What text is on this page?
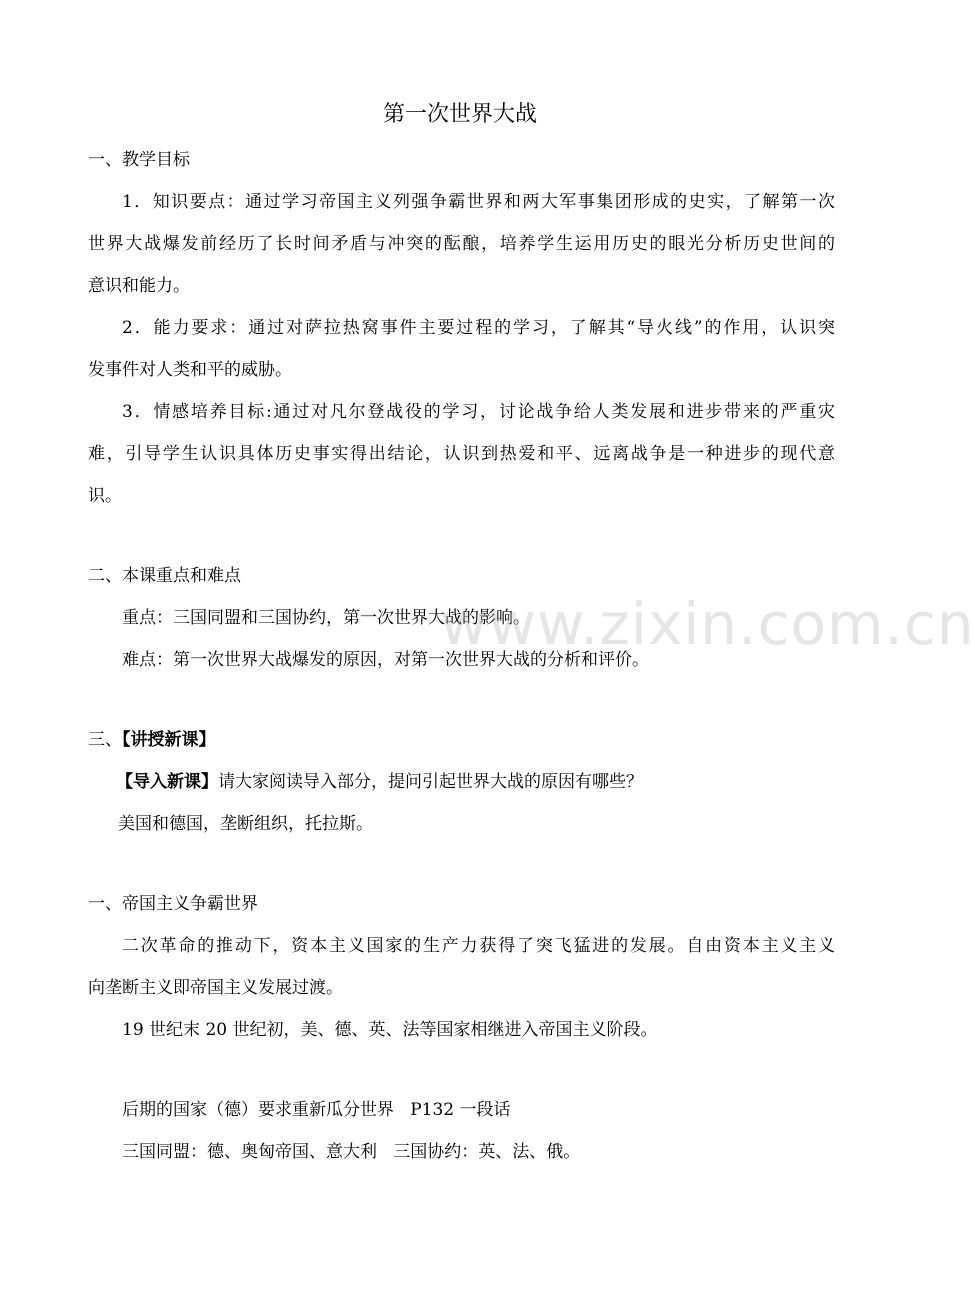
第一次世界大战
一、教学目标
1．知识要点：通过学习帝国主义列强争霸世界和两大军事集团形成的史实，了解第一次
世界大战爆发前经历了长时间矛盾与冲突的酝酿，培养学生运用历史的眼光分析历史世间的
意识和能力。
2．能力要求：通过对萨拉热窝事件主要过程的学习，了解其“导火线”的作用，认识突
发事件对人类和平的威胁。
3．情感培养目标:通过对凡尔登战役的学习，讨论战争给人类发展和进步带来的严重灾
难，引导学生认识具体历史事实得出结论，认识到热爱和平、远离战争是一种进步的现代意
识。
二、本课重点和难点
重点：三国同盟和三国协约，第一次世界大战的影响。
难点：第一次世界大战爆发的原因，对第一次世界大战的分析和评价。
三、【讲授新课】
【导入新课】请大家阅读导入部分，提问引起世界大战的原因有哪些？
美国和德国，垄断组织，托拉斯。
一、帝国主义争霸世界
二次革命的推动下，资本主义国家的生产力获得了突飞猛进的发展。自由资本主义主义
向垄断主义即帝国主义发展过渡。
19 世纪末 20 世纪初，美、德、英、法等国家相继进入帝国主义阶段。
后期的国家（德）要求重新瓜分世界   P132 一段话
三国同盟：德、奥匈帝国、意大利   三国协约：英、法、俄。
www.zixin.com.cn
